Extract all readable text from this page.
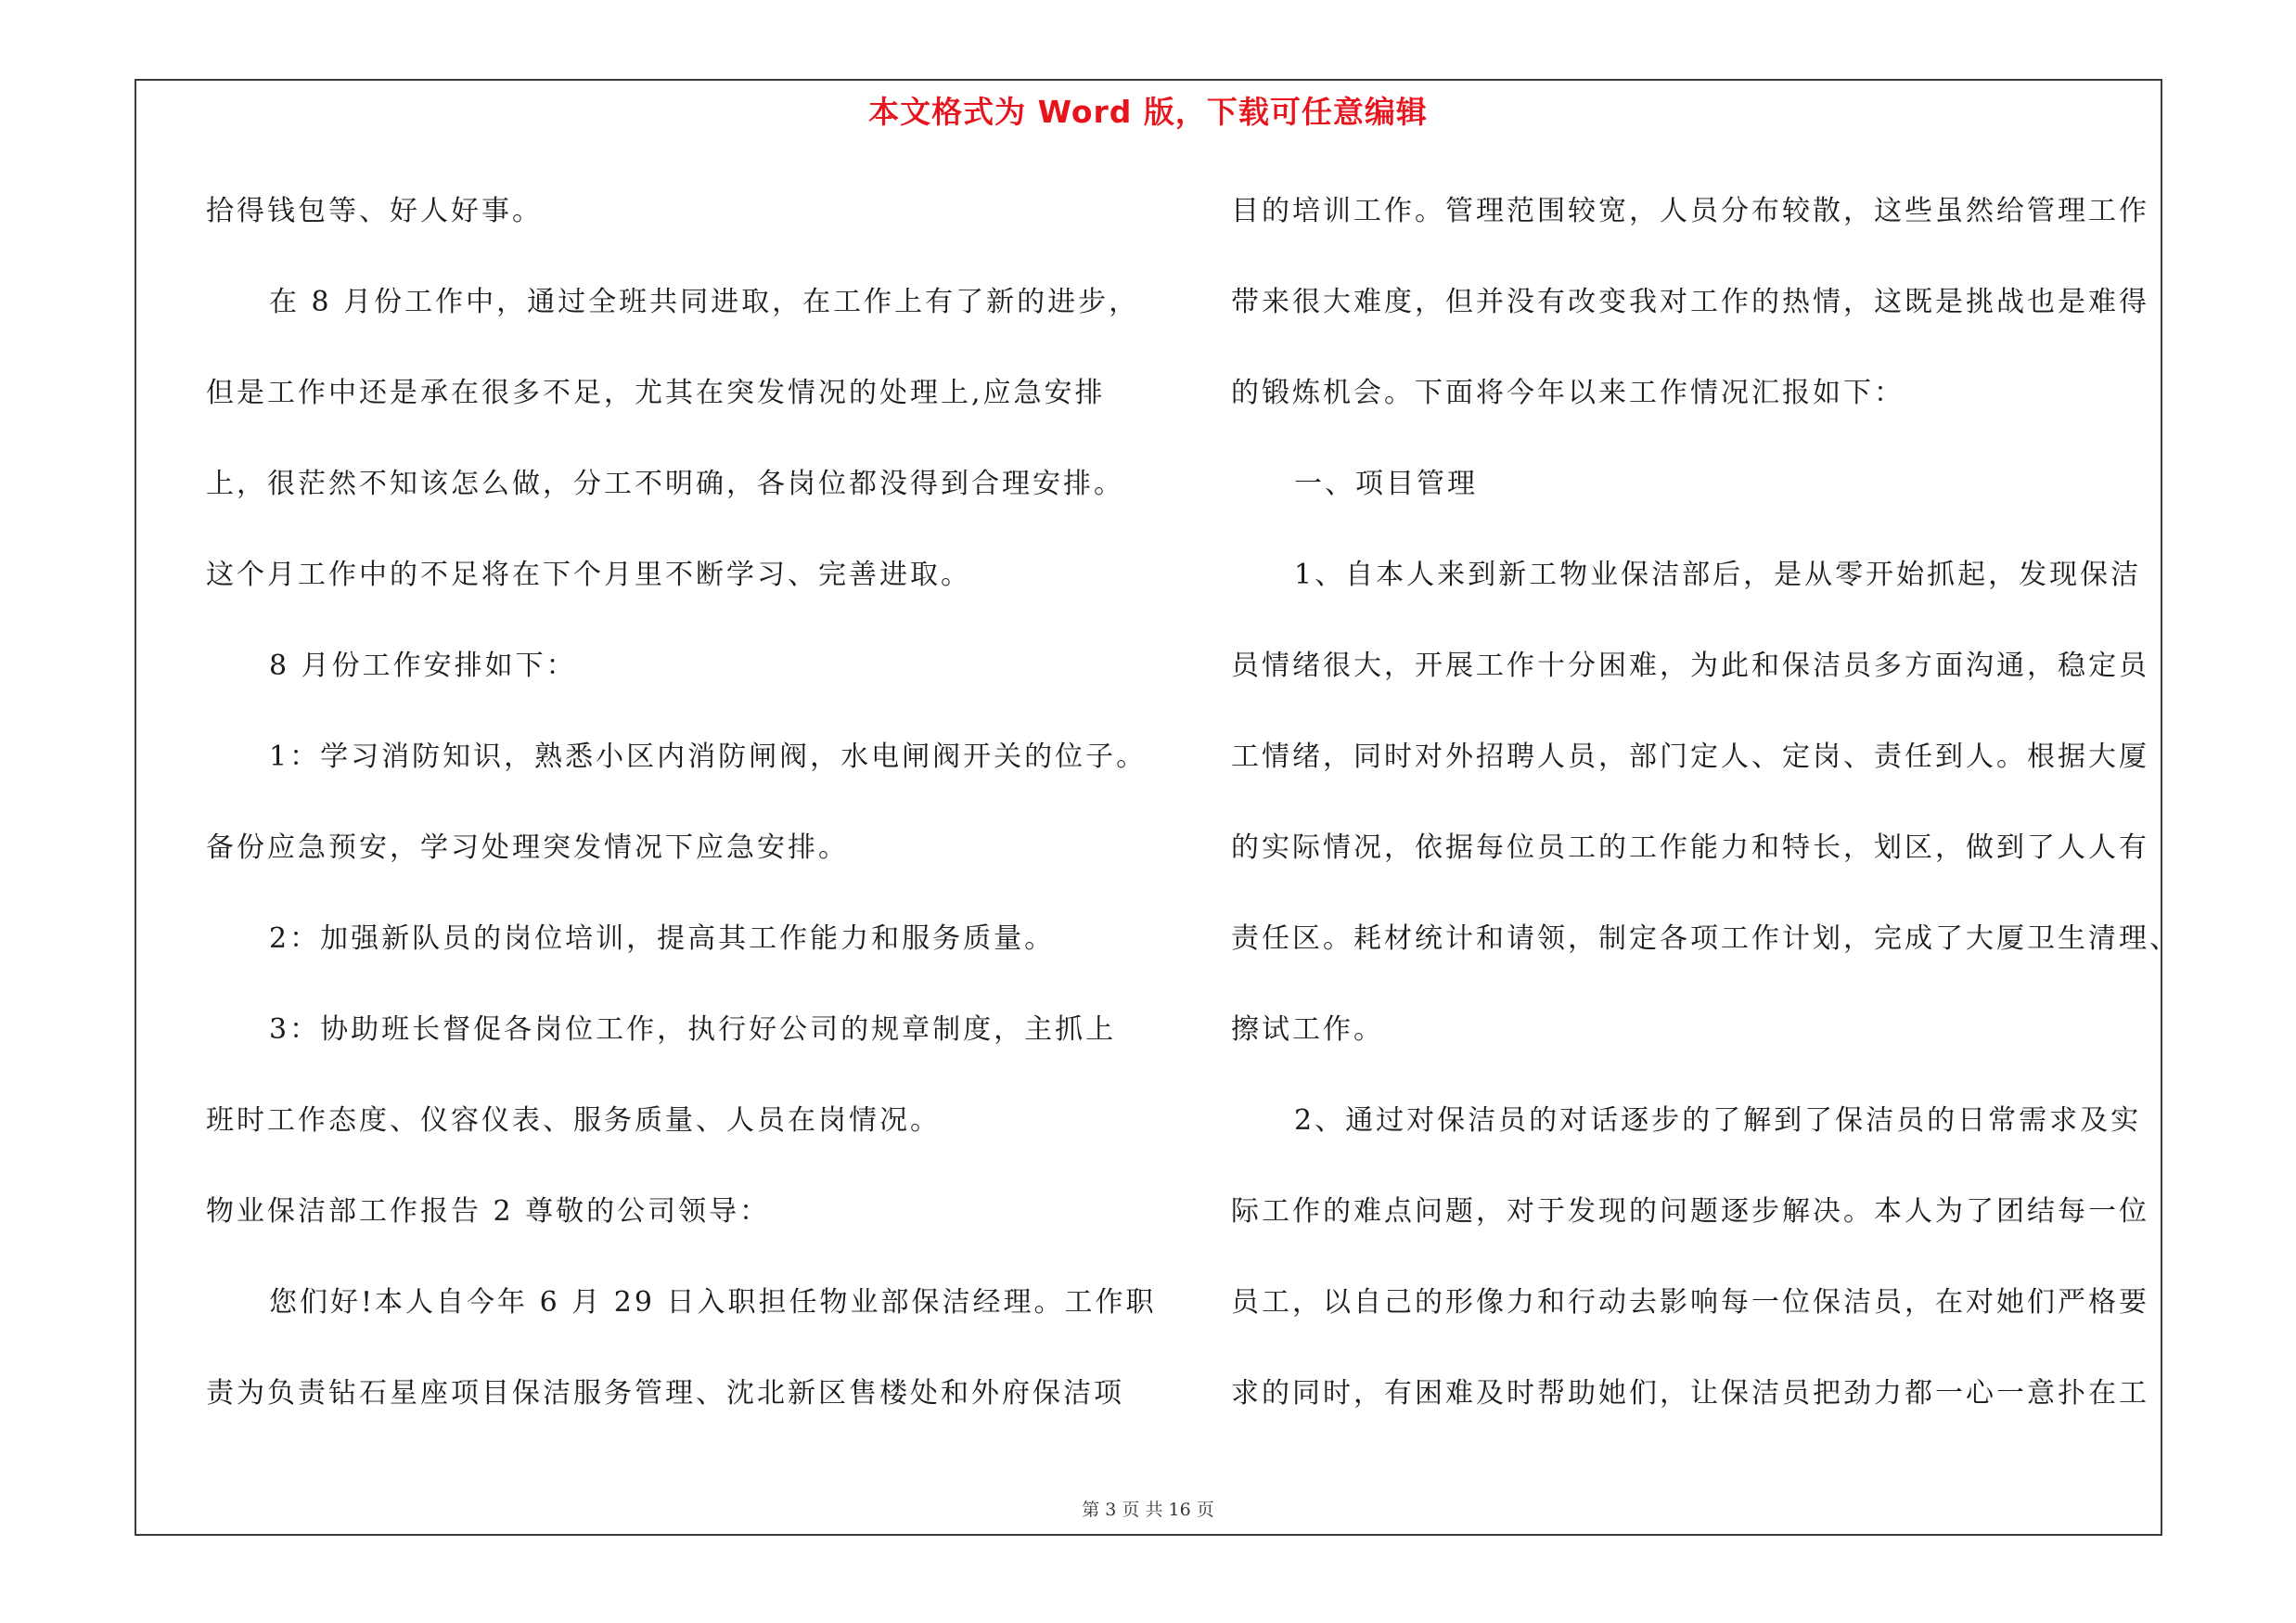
本文格式为 Word 版，下载可任意编辑
拾得钱包等、好人好事。
在 8 月份工作中，通过全班共同进取，在工作上有了新的进步，
但是工作中还是承在很多不足，尤其在突发情况的处理上,应急安排
上，很茫然不知该怎么做，分工不明确，各岗位都没得到合理安排。
这个月工作中的不足将在下个月里不断学习、完善进取。
8 月份工作安排如下：
1：学习消防知识，熟悉小区内消防闸阀，水电闸阀开关的位子。
备份应急预安，学习处理突发情况下应急安排。
2：加强新队员的岗位培训，提高其工作能力和服务质量。
3：协助班长督促各岗位工作，执行好公司的规章制度，主抓上
班时工作态度、仪容仪表、服务质量、人员在岗情况。
物业保洁部工作报告 2 尊敬的公司领导：
您们好!本人自今年 6 月 29 日入职担任物业部保洁经理。工作职
责为负责钻石星座项目保洁服务管理、沈北新区售楼处和外府保洁项
目的培训工作。管理范围较宽，人员分布较散，这些虽然给管理工作
带来很大难度，但并没有改变我对工作的热情，这既是挑战也是难得
的锻炼机会。下面将今年以来工作情况汇报如下：
一、项目管理
1、自本人来到新工物业保洁部后，是从零开始抓起，发现保洁
员情绪很大，开展工作十分困难，为此和保洁员多方面沟通，稳定员
工情绪，同时对外招聘人员，部门定人、定岗、责任到人。根据大厦
的实际情况，依据每位员工的工作能力和特长，划区，做到了人人有
责任区。耗材统计和请领，制定各项工作计划，完成了大厦卫生清理、
擦试工作。
2、通过对保洁员的对话逐步的了解到了保洁员的日常需求及实
际工作的难点问题，对于发现的问题逐步解决。本人为了团结每一位
员工，以自己的形像力和行动去影响每一位保洁员，在对她们严格要
求的同时，有困难及时帮助她们，让保洁员把劲力都一心一意扑在工
第 3 页 共 16 页
